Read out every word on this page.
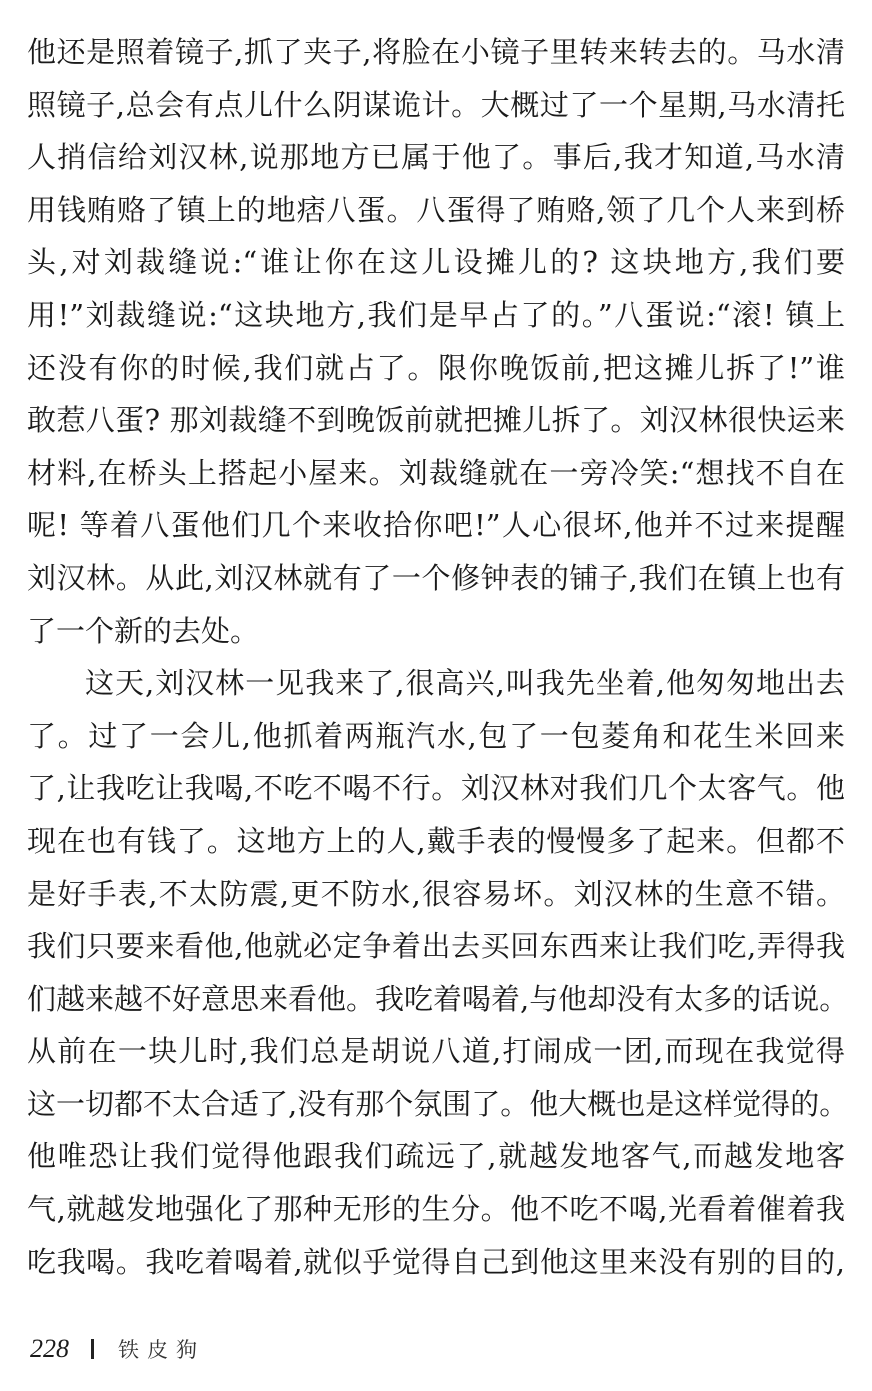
他还是照着镜子,抓了夹子,将脸在小镜子里转来转去的。马水清
照镜子,总会有点儿什么阴谋诡计。大概过了一个星期,马水清托
人捎信给刘汉林,说那地方已属于他了。事后,我才知道,马水清
用钱贿赂了镇上的地痞八蛋。八蛋得了贿赂,领了几个人来到桥
头,对刘裁缝说:“谁让你在这儿设摊儿的? 这块地方,我们要
用!”刘裁缝说:“这块地方,我们是早占了的。”八蛋说:“滚! 镇上
还没有你的时候,我们就占了。限你晚饭前,把这摊儿拆了!”谁
敢惹八蛋? 那刘裁缝不到晚饭前就把摊儿拆了。刘汉林很快运来
材料,在桥头上搭起小屋来。刘裁缝就在一旁冷笑:“想找不自在
呢! 等着八蛋他们几个来收拾你吧!”人心很坏,他并不过来提醒
刘汉林。从此,刘汉林就有了一个修钟表的铺子,我们在镇上也有
了一个新的去处。
这天,刘汉林一见我来了,很高兴,叫我先坐着,他匆匆地出去
了。过了一会儿,他抓着两瓶汽水,包了一包菱角和花生米回来
了,让我吃让我喝,不吃不喝不行。刘汉林对我们几个太客气。他
现在也有钱了。这地方上的人,戴手表的慢慢多了起来。但都不
是好手表,不太防震,更不防水,很容易坏。刘汉林的生意不错。
我们只要来看他,他就必定争着出去买回东西来让我们吃,弄得我
们越来越不好意思来看他。我吃着喝着,与他却没有太多的话说。
从前在一块儿时,我们总是胡说八道,打闹成一团,而现在我觉得
这一切都不太合适了,没有那个氛围了。他大概也是这样觉得的。
他唯恐让我们觉得他跟我们疏远了,就越发地客气,而越发地客
气,就越发地强化了那种无形的生分。他不吃不喝,光看着催着我
吃我喝。我吃着喝着,就似乎觉得自己到他这里来没有别的目的,
228 铁皮狗
